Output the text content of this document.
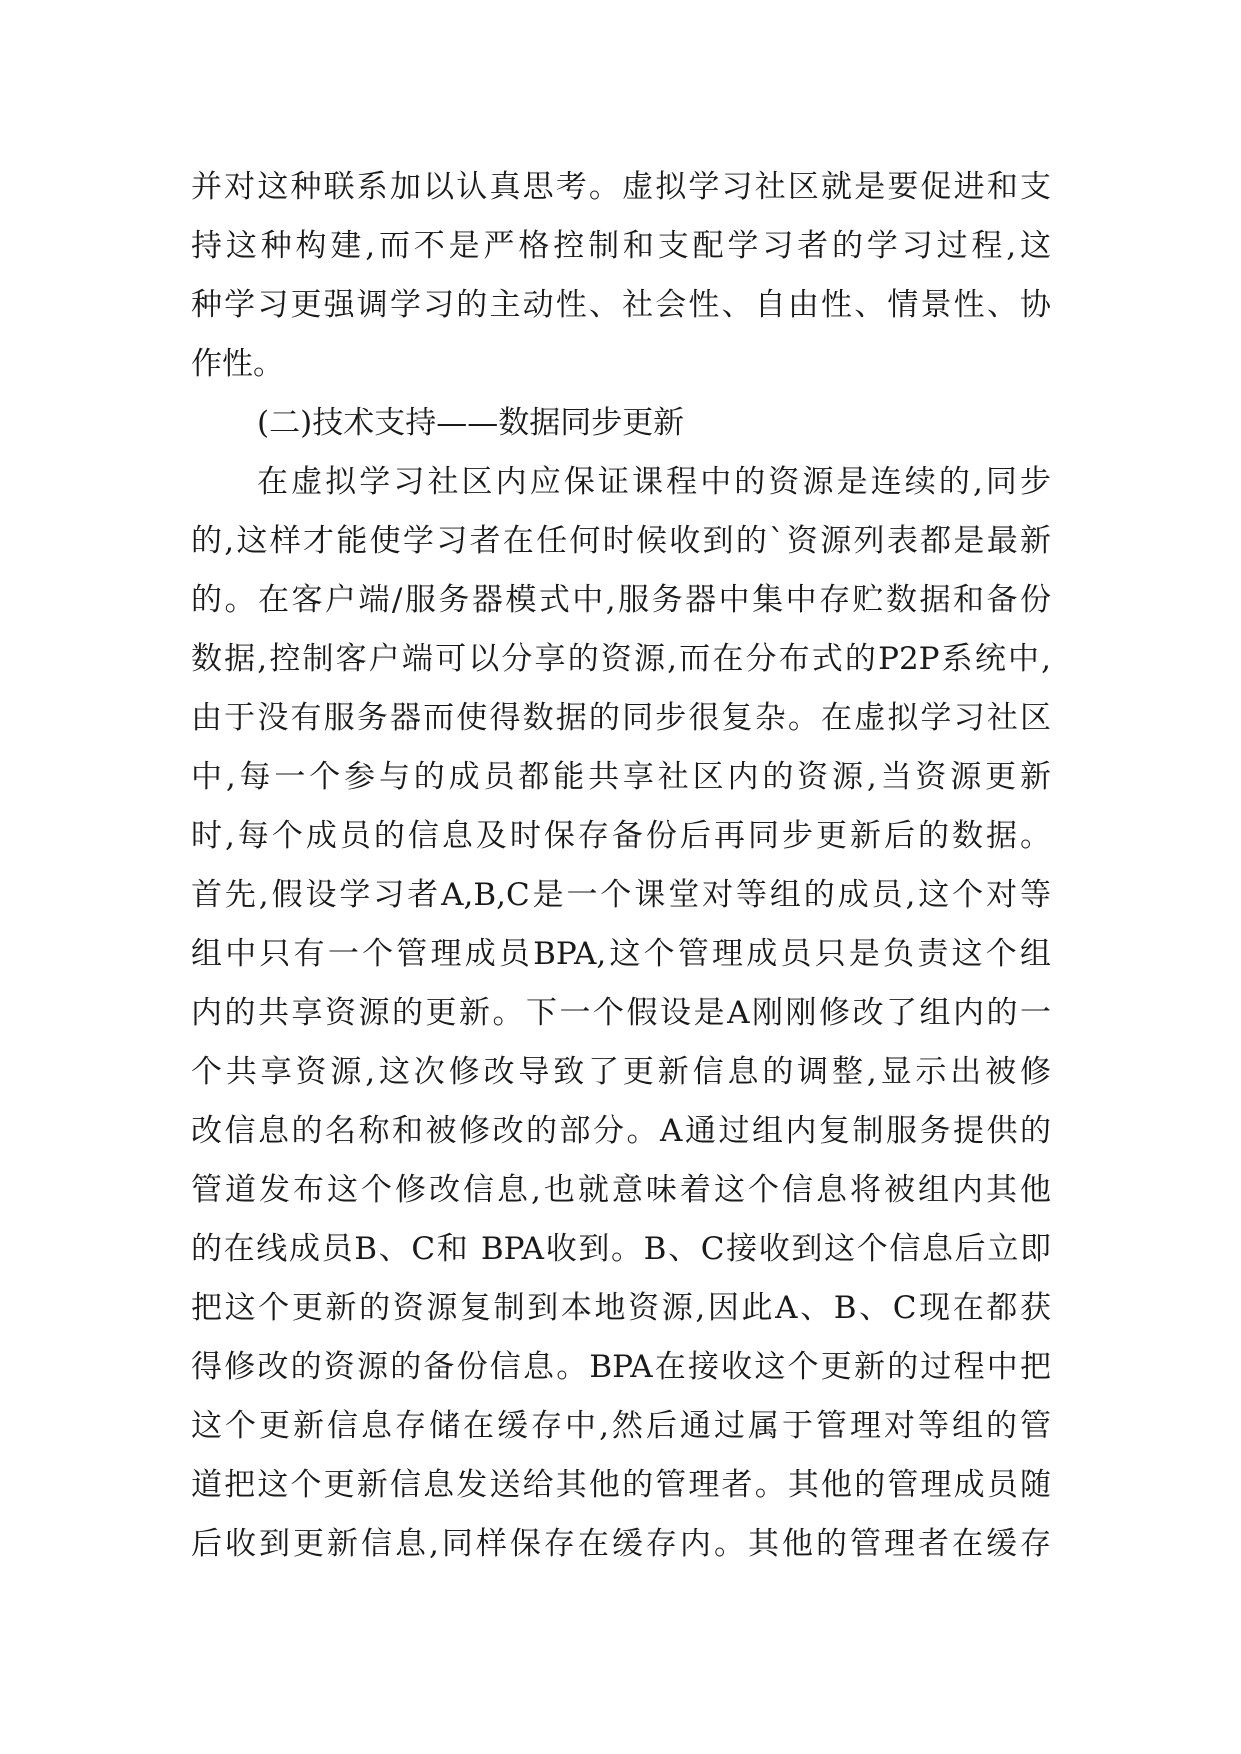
并对这种联系加以认真思考。虚拟学习社区就是要促进和支
持这种构建,而不是严格控制和支配学习者的学习过程,这
种学习更强调学习的主动性、社会性、自由性、情景性、协
作性。
(二)技术支持——数据同步更新
在虚拟学习社区内应保证课程中的资源是连续的,同步
的,这样才能使学习者在任何时候收到的`资源列表都是最新
的。在客户端/服务器模式中,服务器中集中存贮数据和备份
数据,控制客户端可以分享的资源,而在分布式的P2P系统中,
由于没有服务器而使得数据的同步很复杂。在虚拟学习社区
中,每一个参与的成员都能共享社区内的资源,当资源更新
时,每个成员的信息及时保存备份后再同步更新后的数据。
首先,假设学习者A,B,C是一个课堂对等组的成员,这个对等
组中只有一个管理成员BPA,这个管理成员只是负责这个组
内的共享资源的更新。下一个假设是A刚刚修改了组内的一
个共享资源,这次修改导致了更新信息的调整,显示出被修
改信息的名称和被修改的部分。A通过组内复制服务提供的
管道发布这个修改信息,也就意味着这个信息将被组内其他
的在线成员B、C和 BPA收到。B、C接收到这个信息后立即
把这个更新的资源复制到本地资源,因此A、B、C现在都获
得修改的资源的备份信息。BPA在接收这个更新的过程中把
这个更新信息存储在缓存中,然后通过属于管理对等组的管
道把这个更新信息发送给其他的管理者。其他的管理成员随
后收到更新信息,同样保存在缓存内。其他的管理者在缓存
